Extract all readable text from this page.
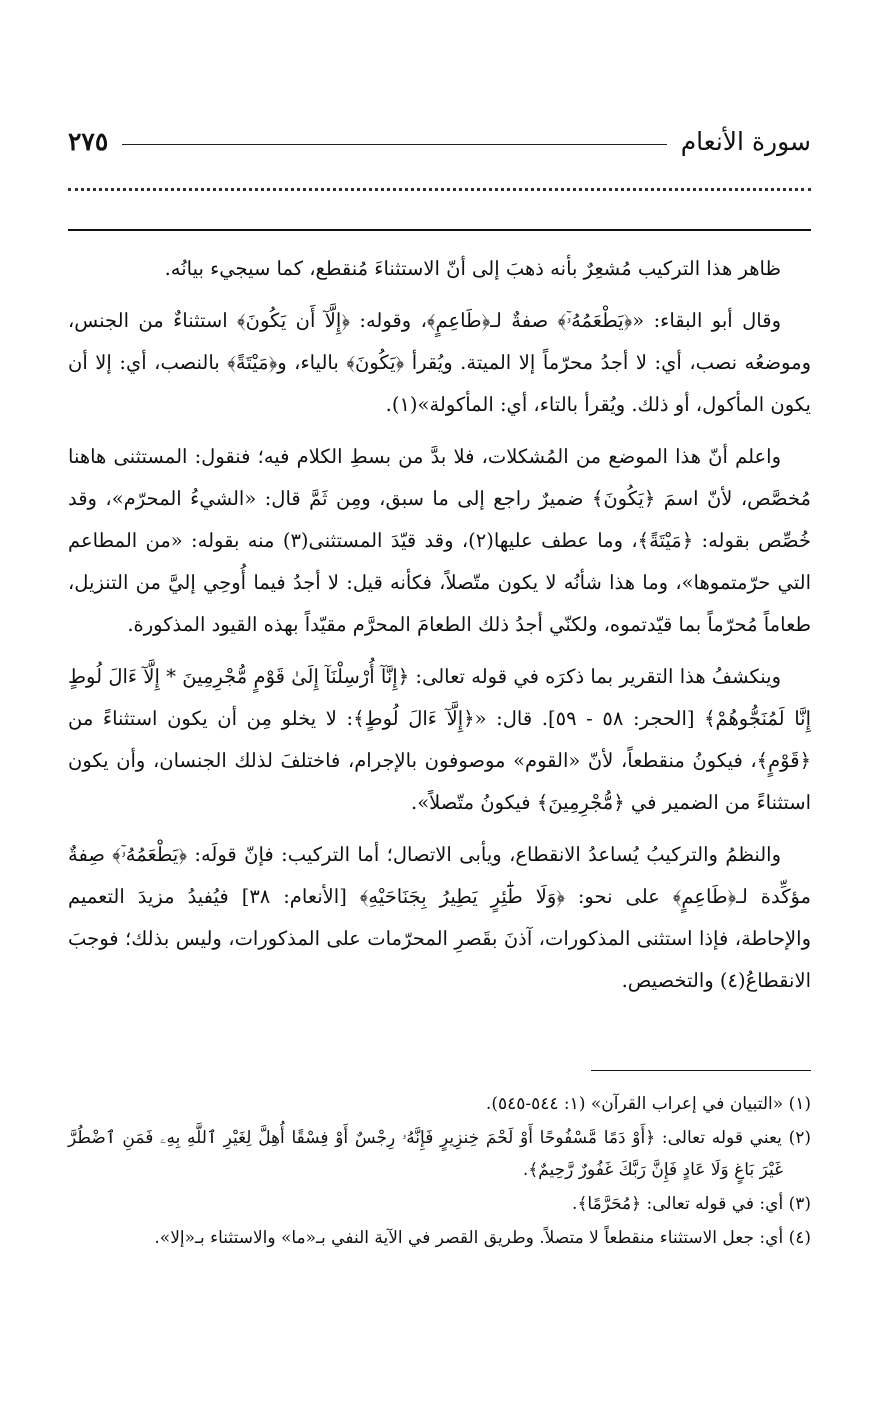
سورة الأنعام
٢٧٥

ظاهر هذا التركيب مُشعِرٌ بأنه ذهبَ إلى أنّ الاستثناءَ مُنقطع، كما سيجيء بيانُه.

وقال أبو البقاء: «﴿يَطْعَمُهُۥٓ﴾ صفةٌ لـ﴿طَاعِمٍ﴾، وقوله: ﴿إِلَّآ أَن يَكُونَ﴾ استثناءٌ من الجنس، وموضعُه نصب، أي: لا أجدُ محرّماً إلا الميتة. ويُقرأ ﴿يَكُونَ﴾ بالياء، و﴿مَيْتَةً﴾ بالنصب، أي: إلا أن يكون المأكول، أو ذلك. ويُقرأ بالتاء، أي: المأكولة»(١).

واعلم أنّ هذا الموضع من المُشكلات، فلا بدَّ من بسطِ الكلام فيه؛ فنقول: المستثنى هاهنا مُخصَّص، لأنّ اسمَ ﴿يَكُونَ﴾ ضميرٌ راجع إلى ما سبق، ومِن ثَمَّ قال: «الشيءُ المحرّم»، وقد خُصِّص بقوله: ﴿مَيْتَةً﴾، وما عطف عليها(٢)، وقد قيّدَ المستثنى(٣) منه بقوله: «من المطاعم التي حرّمتموها»، وما هذا شأنُه لا يكون متّصلاً، فكأنه قيل: لا أجدُ فيما أُوحِي إليَّ من التنزيل، طعاماً مُحرّماً بما قيّدتموه، ولكنّي أجدُ ذلك الطعامَ المحرَّم مقيّداً بهذه القيود المذكورة.

وينكشفُ هذا التقرير بما ذكرَه في قوله تعالى: ﴿إِنَّآ أُرْسِلْنَآ إِلَىٰ قَوْمٍ مُّجْرِمِينَ * إِلَّآ ءَالَ لُوطٍ إِنَّا لَمُنَجُّوهُمْ﴾ [الحجر: ٥٨ - ٥٩]. قال: «﴿إِلَّآ ءَالَ لُوطٍ﴾: لا يخلو مِن أن يكون استثناءً من ﴿قَوْمٍ﴾، فيكونُ منقطعاً، لأنّ «القوم» موصوفون بالإجرام، فاختلفَ لذلك الجنسان، وأن يكون استثناءً من الضمير في ﴿مُّجْرِمِينَ﴾ فيكونُ متّصلاً».

والنظمُ والتركيبُ يُساعدُ الانقطاع، ويأبى الاتصال؛ أما التركيب: فإنّ قولَه: ﴿يَطْعَمُهُۥٓ﴾ صِفةٌ مؤكِّدة لـ﴿طَاعِمٍ﴾ على نحو: ﴿وَلَا طَٰٓئِرٍ يَطِيرُ بِجَنَاحَيْهِ﴾ [الأنعام: ٣٨] فيُفيدُ مزيدَ التعميم والإحاطة، فإذا استثنى المذكورات، آذنَ بقَصرِ المحرّمات على المذكورات، وليس بذلك؛ فوجبَ الانقطاعُ(٤) والتخصيص.

(١) «التبيان في إعراب القرآن» (١: ٥٤٤-٥٤٥).

(٢) يعني قوله تعالى: ﴿أَوْ دَمًا مَّسْفُوحًا أَوْ لَحْمَ خِنزِيرٍ فَإِنَّهُۥ رِجْسٌ أَوْ فِسْقًا أُهِلَّ لِغَيْرِ ٱللَّهِ بِهِۦ فَمَنِ ٱضْطُرَّ غَيْرَ بَاغٍ وَلَا عَادٍ فَإِنَّ رَبَّكَ غَفُورٌ رَّحِيمٌ﴾.

(٣) أي: في قوله تعالى: ﴿مُحَرَّمًا﴾.

(٤) أي: جعل الاستثناء منقطعاً لا متصلاً. وطريق القصر في الآية النفي بـ«ما» والاستثناء بـ«إلا».
